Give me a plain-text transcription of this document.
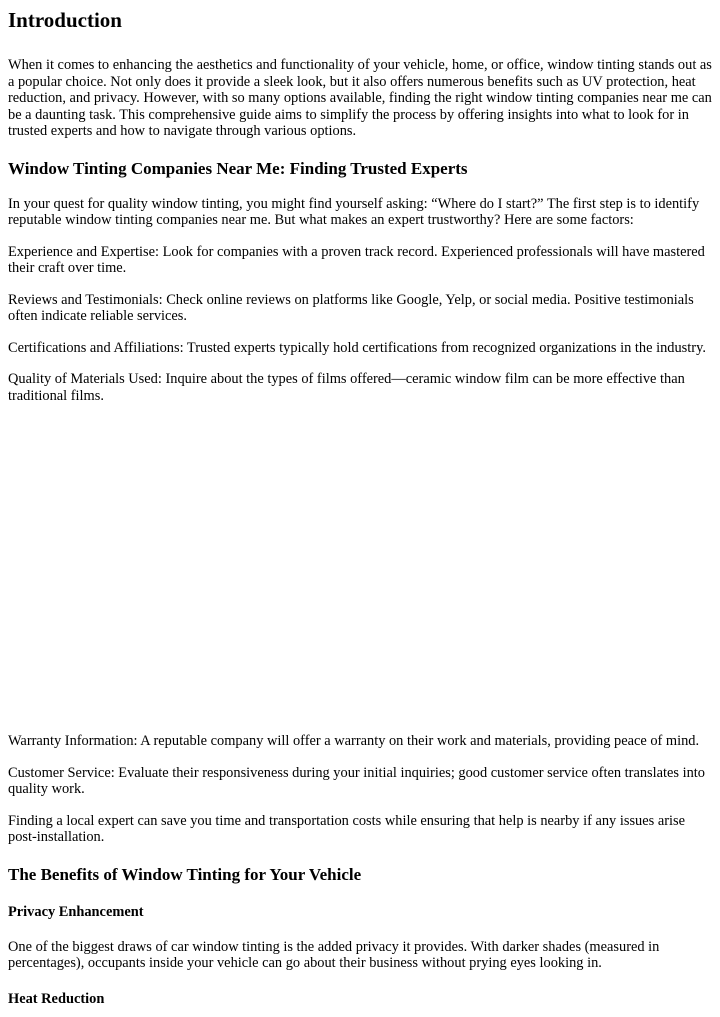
Introduction

When it comes to enhancing the aesthetics and functionality of your vehicle, home, or office, window tinting stands out as a popular choice. Not only does it provide a sleek look, but it also offers numerous benefits such as UV protection, heat reduction, and privacy. However, with so many options available, finding the right window tinting companies near me can be a daunting task. This comprehensive guide aims to simplify the process by offering insights into what to look for in trusted experts and how to navigate through various options.

Window Tinting Companies Near Me: Finding Trusted Experts

In your quest for quality window tinting, you might find yourself asking: “Where do I start?” The first step is to identify reputable window tinting companies near me. But what makes an expert trustworthy? Here are some factors:

Experience and Expertise: Look for companies with a proven track record. Experienced professionals will have mastered their craft over time.

Reviews and Testimonials: Check online reviews on platforms like Google, Yelp, or social media. Positive testimonials often indicate reliable services.

Certifications and Affiliations: Trusted experts typically hold certifications from recognized organizations in the industry.

Quality of Materials Used: Inquire about the types of films offered—ceramic window film can be more effective than traditional films.

Warranty Information: A reputable company will offer a warranty on their work and materials, providing peace of mind.

Customer Service: Evaluate their responsiveness during your initial inquiries; good customer service often translates into quality work.

Finding a local expert can save you time and transportation costs while ensuring that help is nearby if any issues arise post-installation.

The Benefits of Window Tinting for Your Vehicle
Privacy Enhancement

One of the biggest draws of car window tinting is the added privacy it provides. With darker shades (measured in percentages), occupants inside your vehicle can go about their business without prying eyes looking in.

Heat Reduction
